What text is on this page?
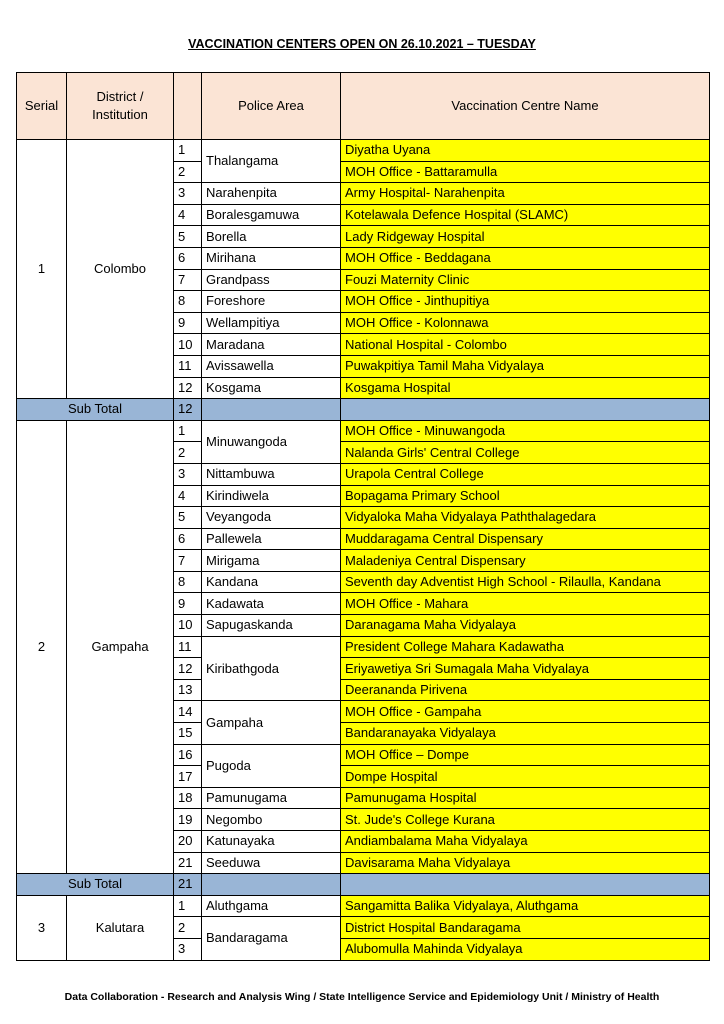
VACCINATION CENTERS OPEN ON 26.10.2021 – TUESDAY
Serial	District / Institution		Police Area	Vaccination Centre Name
1	Colombo	1	Thalangama	Diyatha Uyana
		2		MOH Office - Battaramulla
		3	Narahenpita	Army Hospital- Narahenpita
		4	Boralesgamuwa	Kotelawala Defence Hospital (SLAMC)
		5	Borella	Lady Ridgeway Hospital
		6	Mirihana	MOH Office - Beddagana
		7	Grandpass	Fouzi Maternity Clinic
		8	Foreshore	MOH Office - Jinthupitiya
		9	Wellampitiya	MOH Office - Kolonnawa
		10	Maradana	National Hospital - Colombo
		11	Avissawella	Puwakpitiya Tamil Maha Vidyalaya
		12	Kosgama	Kosgama Hospital
Sub Total		12		
2	Gampaha	1	Minuwangoda	MOH Office - Minuwangoda
		2		Nalanda Girls' Central College
		3	Nittambuwa	Urapola Central College
		4	Kirindiwela	Bopagama Primary School
		5	Veyangoda	Vidyaloka Maha Vidyalaya Paththalagedara
		6	Pallewela	Muddaragama Central Dispensary
		7	Mirigama	Maladeniya Central Dispensary
		8	Kandana	Seventh day Adventist High School - Rilaulla, Kandana
		9	Kadawata	MOH Office - Mahara
		10	Sapugaskanda	Daranagama Maha Vidyalaya
		11	Kiribathgoda	President College Mahara Kadawatha
		12		Eriyawetiya Sri Sumagala Maha Vidyalaya
		13		Deerananda Pirivena
		14	Gampaha	MOH Office - Gampaha
		15		Bandaranayaka Vidyalaya
		16	Pugoda	MOH Office – Dompe
		17		Dompe Hospital
		18	Pamunugama	Pamunugama Hospital
		19	Negombo	St. Jude's College Kurana
		20	Katunayaka	Andiambalama Maha Vidyalaya
		21	Seeduwa	Davisarama Maha Vidyalaya
Sub Total		21		
3	Kalutara	1	Aluthgama	Sangamitta Balika Vidyalaya, Aluthgama
		2	Bandaragama	District Hospital Bandaragama
		3		Alubomulla Mahinda Vidyalaya
Data Collaboration - Research and Analysis Wing / State Intelligence Service and Epidemiology Unit / Ministry of Health
